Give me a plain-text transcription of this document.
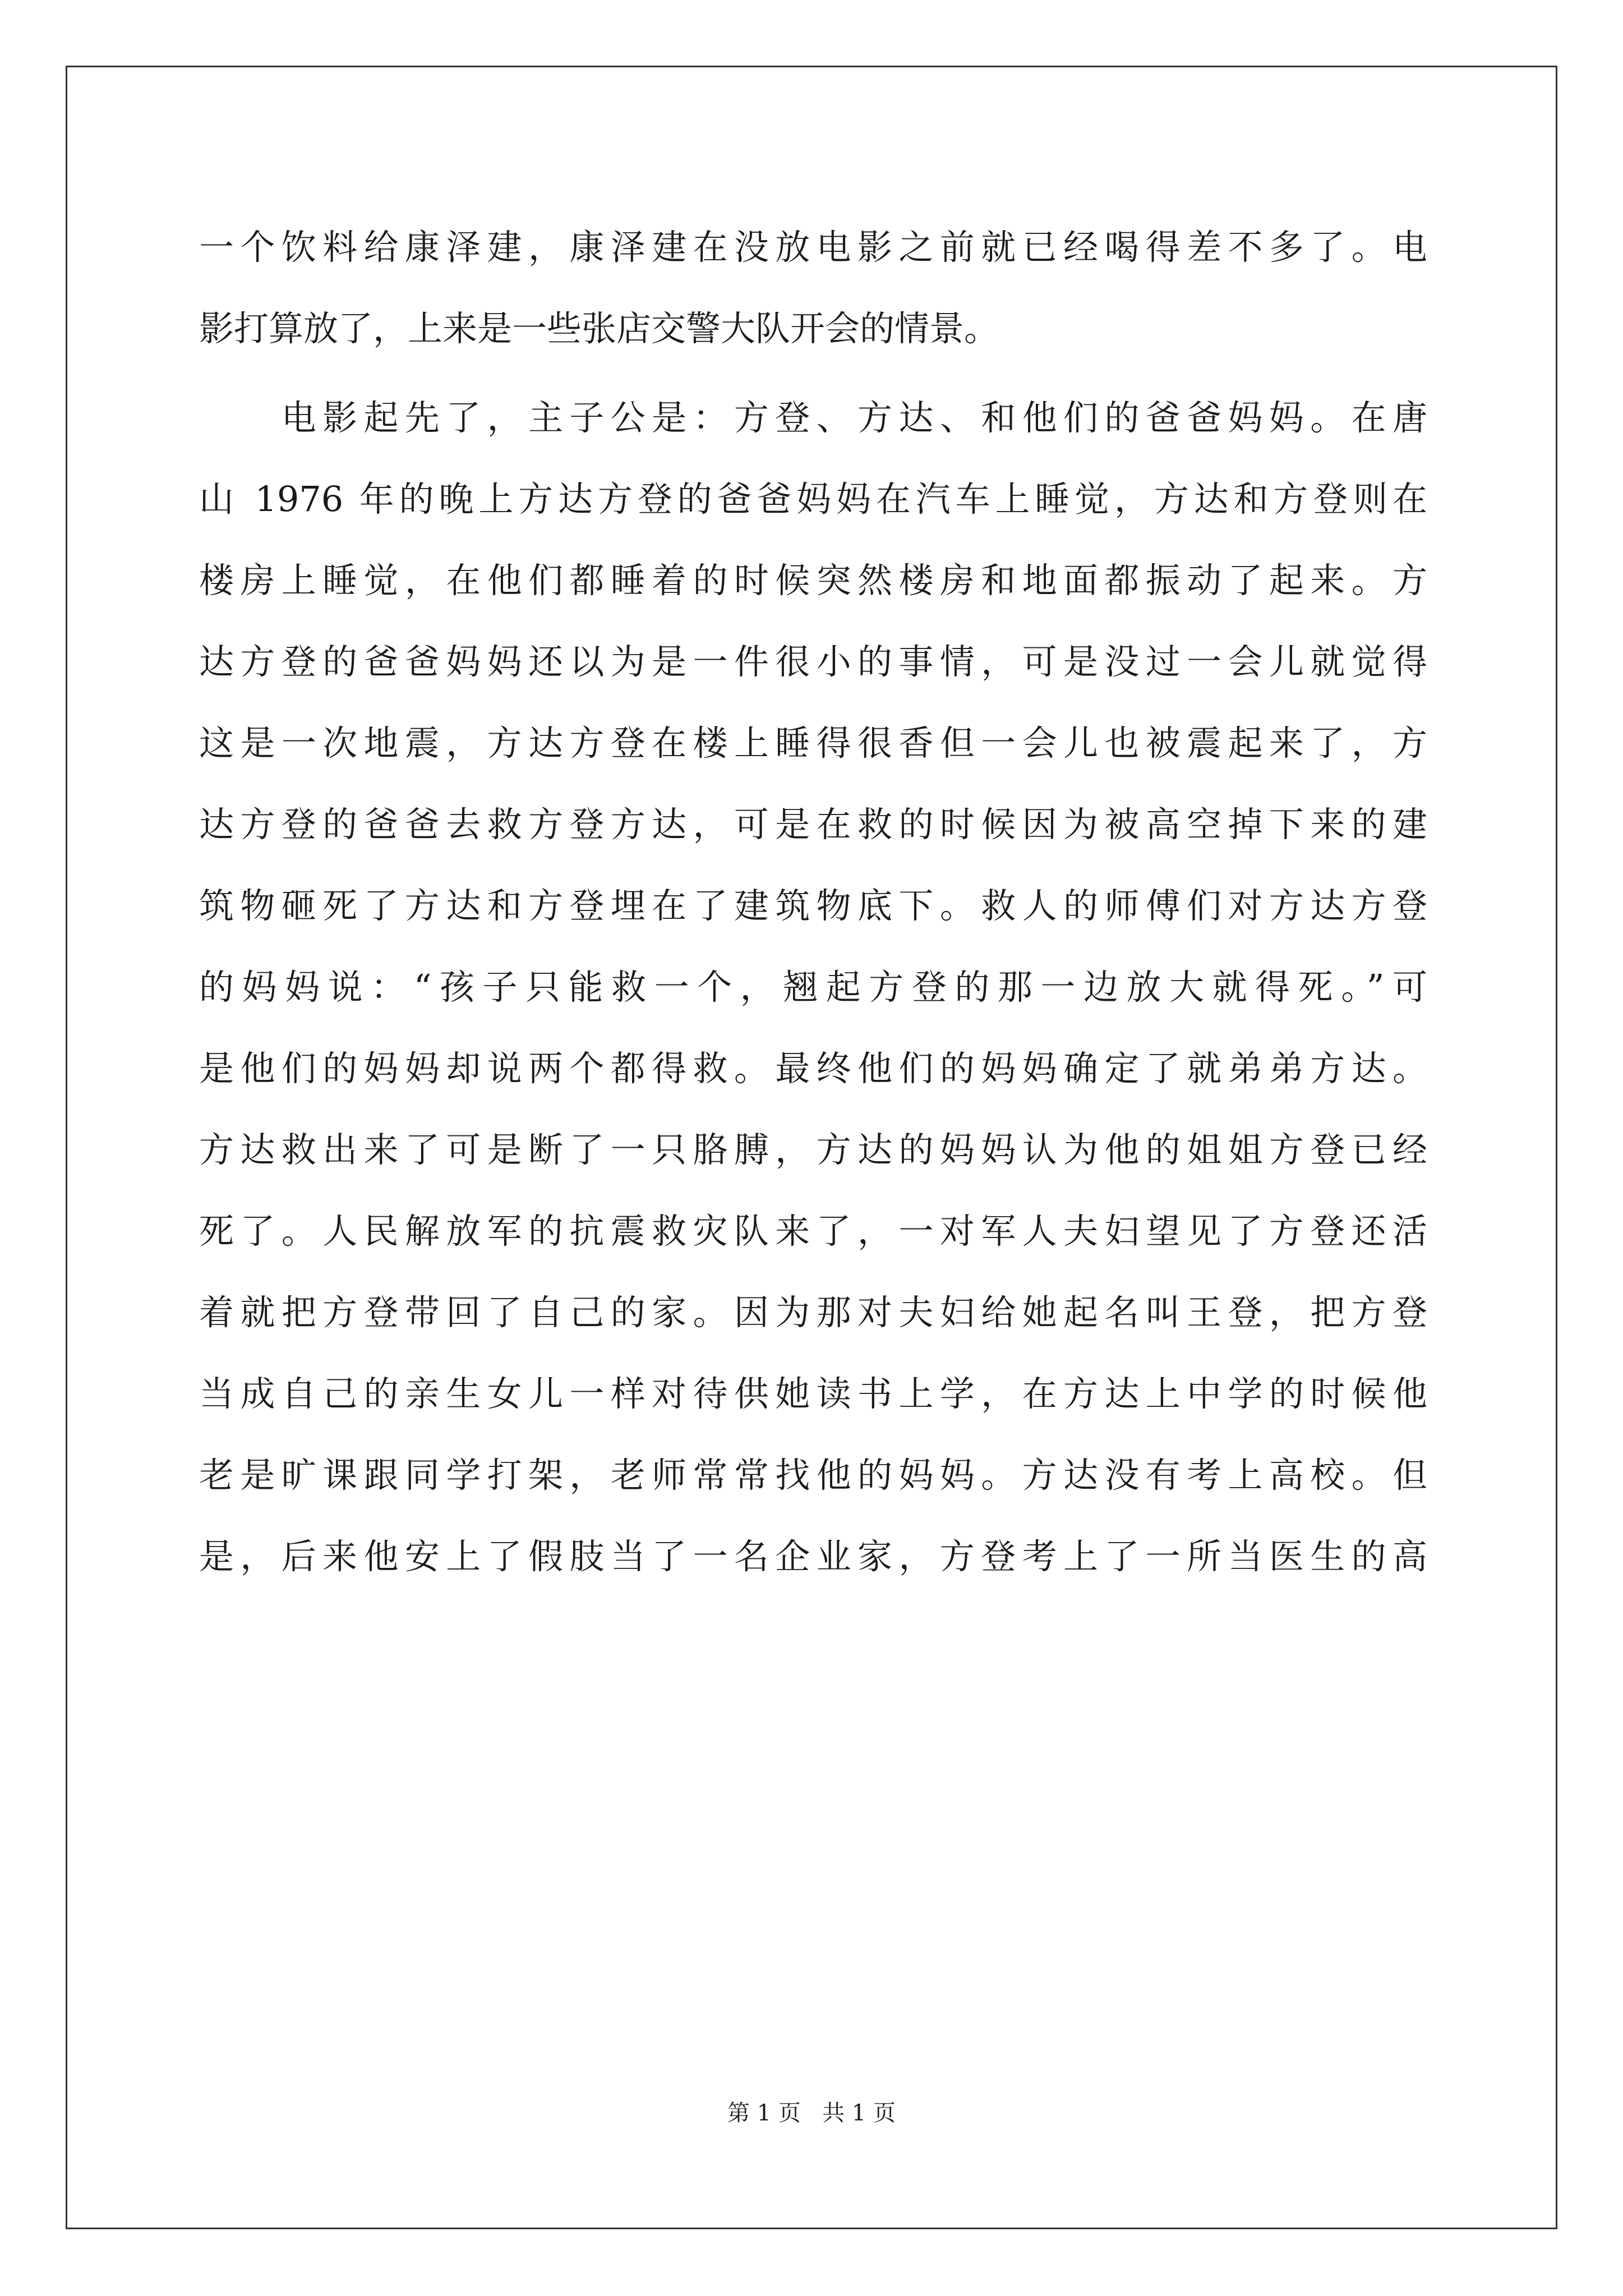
一个饮料给康泽建，康泽建在没放电影之前就已经喝得差不多了。电
影打算放了，上来是一些张店交警大队开会的情景。
　　电影起先了，主子公是：方登、方达、和他们的爸爸妈妈。在唐
山 1976 年的晚上方达方登的爸爸妈妈在汽车上睡觉，方达和方登则在
楼房上睡觉，在他们都睡着的时候突然楼房和地面都振动了起来。方
达方登的爸爸妈妈还以为是一件很小的事情，可是没过一会儿就觉得
这是一次地震，方达方登在楼上睡得很香但一会儿也被震起来了，方
达方登的爸爸去救方登方达，可是在救的时候因为被高空掉下来的建
筑物砸死了方达和方登埋在了建筑物底下。救人的师傅们对方达方登
的妈妈说：“孩子只能救一个，翘起方登的那一边放大就得死。”可
是他们的妈妈却说两个都得救。最终他们的妈妈确定了就弟弟方达。
方达救出来了可是断了一只胳膊，方达的妈妈认为他的姐姐方登已经
死了。人民解放军的抗震救灾队来了，一对军人夫妇望见了方登还活
着就把方登带回了自己的家。因为那对夫妇给她起名叫王登，把方登
当成自己的亲生女儿一样对待供她读书上学，在方达上中学的时候他
老是旷课跟同学打架，老师常常找他的妈妈。方达没有考上高校。但
是，后来他安上了假肢当了一名企业家，方登考上了一所当医生的高
第 1 页 共 1 页
